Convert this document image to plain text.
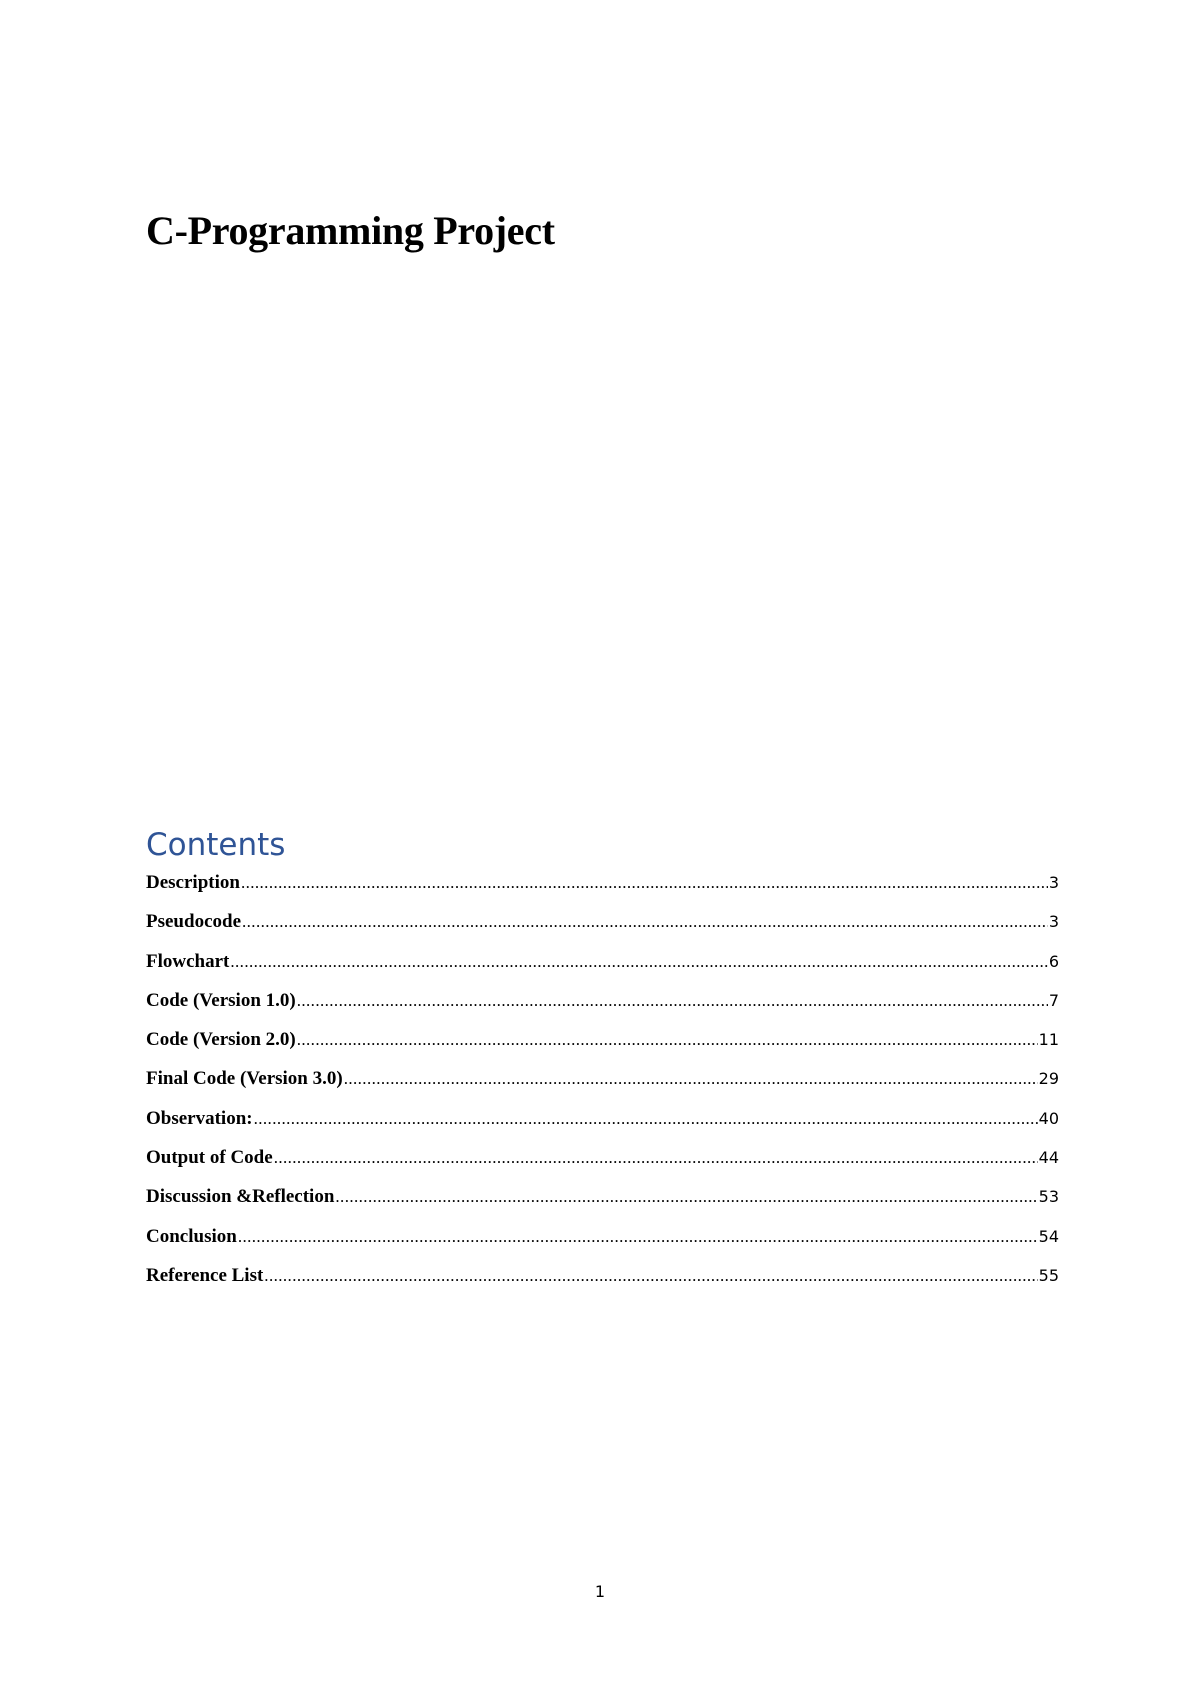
C-Programming Project
Contents
Description .....	3
Pseudocode .....	3
Flowchart .....	6
Code (Version 1.0) .....	7
Code (Version 2.0) .....	11
Final Code (Version 3.0) .....	29
Observation: .....	40
Output of Code .....	44
Discussion &Reflection .....	53
Conclusion .....	54
Reference List .....	55
1
